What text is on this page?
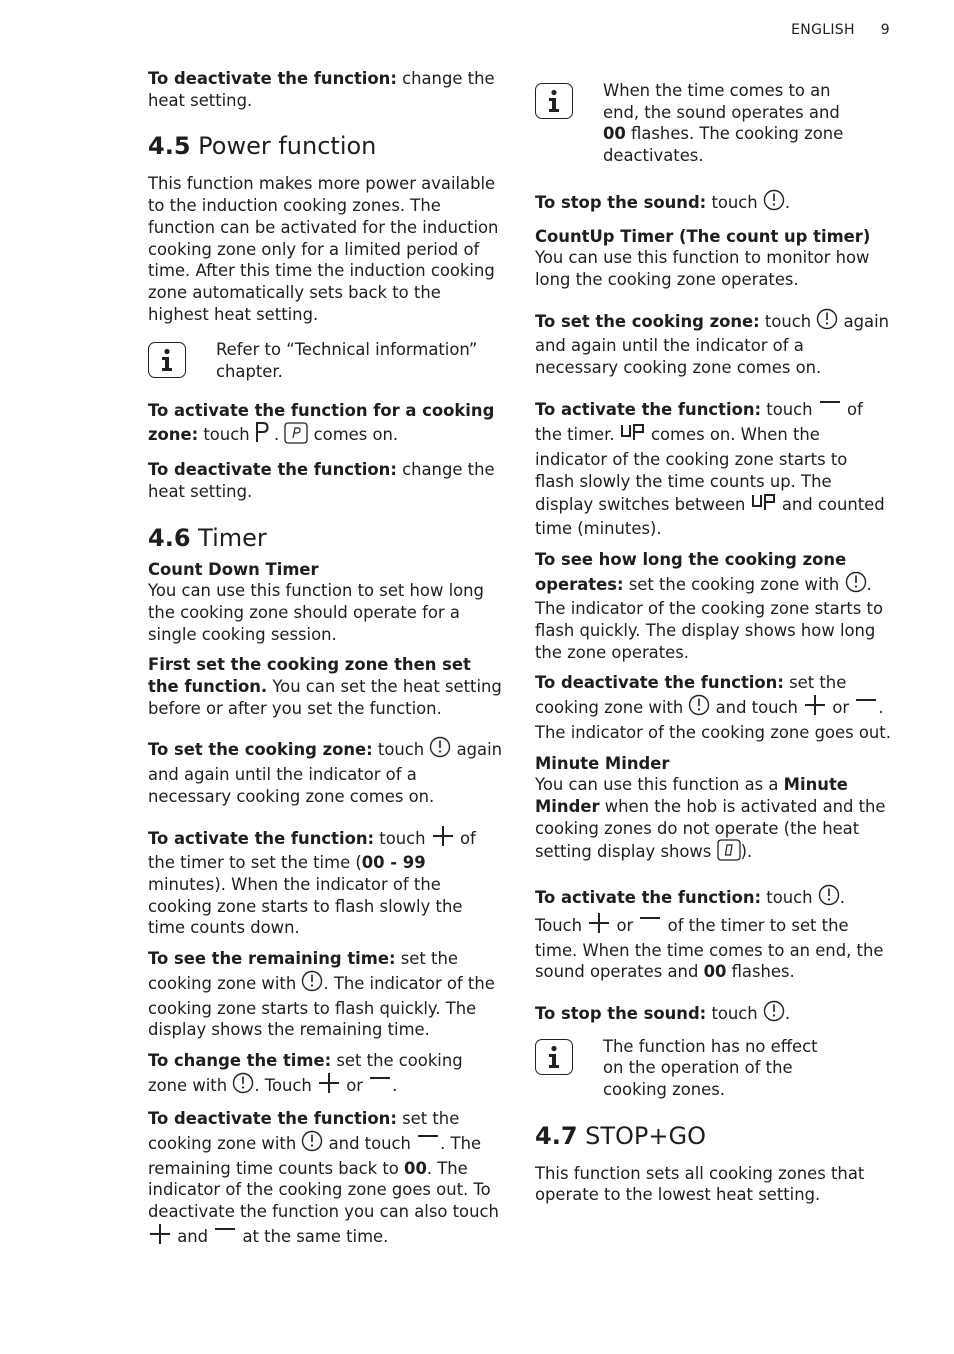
ENGLISH 9

To deactivate the function: change the heat setting.

4.5 Power function

This function makes more power available to the induction cooking zones. The function can be activated for the induction cooking zone only for a limited period of time. After this time the induction cooking zone automatically sets back to the highest heat setting.

Refer to “Technical information” chapter.

To activate the function for a cooking zone: touch  .  comes on.

To deactivate the function: change the heat setting.

4.6 Timer

Count Down Timer

You can use this function to set how long the cooking zone should operate for a single cooking session.

First set the cooking zone then set the function. You can set the heat setting before or after you set the function.

To set the cooking zone: touch  again and again until the indicator of a necessary cooking zone comes on.

To activate the function: touch  of the timer to set the time (00 - 99 minutes). When the indicator of the cooking zone starts to flash slowly the time counts down.

To see the remaining time: set the cooking zone with . The indicator of the cooking zone starts to flash quickly. The display shows the remaining time.

To change the time: set the cooking zone with . Touch  or .

To deactivate the function: set the cooking zone with  and touch . The remaining time counts back to 00. The indicator of the cooking zone goes out. To deactivate the function you can also touch  and  at the same time.

When the time comes to an end, the sound operates and 00 flashes. The cooking zone deactivates.

To stop the sound: touch .

CountUp Timer (The count up timer)

You can use this function to monitor how long the cooking zone operates.

To set the cooking zone: touch  again and again until the indicator of a necessary cooking zone comes on.

To activate the function: touch  of the timer.  comes on. When the indicator of the cooking zone starts to flash slowly the time counts up. The display switches between  and counted time (minutes).

To see how long the cooking zone operates: set the cooking zone with . The indicator of the cooking zone starts to flash quickly. The display shows how long the zone operates.

To deactivate the function: set the cooking zone with  and touch  or . The indicator of the cooking zone goes out.

Minute Minder

You can use this function as a Minute Minder when the hob is activated and the cooking zones do not operate (the heat setting display shows ).

To activate the function: touch .
Touch  or  of the timer to set the time. When the time comes to an end, the sound operates and 00 flashes.

To stop the sound: touch .

The function has no effect on the operation of the cooking zones.
4.7 STOP+GO

This function sets all cooking zones that operate to the lowest heat setting.
